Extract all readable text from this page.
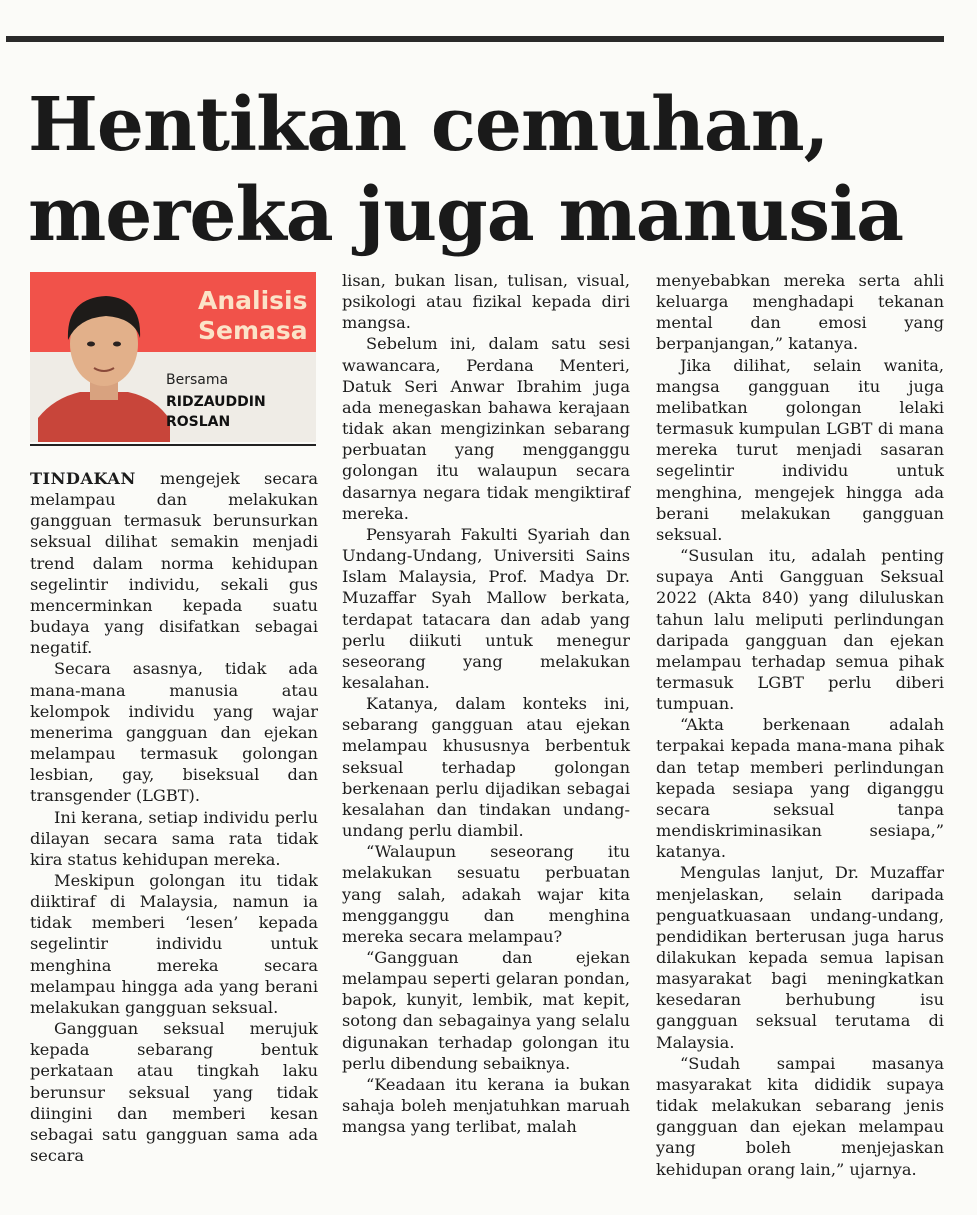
Hentikan cemuhan,
mereka juga manusia
Analisis
Semasa
Bersama
RIDZAUDDIN
ROSLAN

TINDAKAN mengejek secara melampau dan melakukan gangguan termasuk berunsurkan seksual dilihat semakin menjadi trend dalam norma kehidupan segelintir individu, sekali gus mencerminkan kepada suatu budaya yang disifatkan sebagai negatif.

Secara asasnya, tidak ada mana-mana manusia atau kelompok individu yang wajar menerima gangguan dan ejekan melampau termasuk golongan lesbian, gay, biseksual dan transgender (LGBT).

Ini kerana, setiap individu perlu dilayan secara sama rata tidak kira status kehidupan mereka.

Meskipun golongan itu tidak diiktiraf di Malaysia, namun ia tidak memberi ‘lesen’ kepada segelintir individu untuk menghina mereka secara melampau hingga ada yang berani melakukan gangguan seksual.

Gangguan seksual merujuk kepada sebarang bentuk perkataan atau tingkah laku berunsur seksual yang tidak diingini dan memberi kesan sebagai satu gangguan sama ada secara

lisan, bukan lisan, tulisan, visual, psikologi atau fizikal kepada diri mangsa.

Sebelum ini, dalam satu sesi wawancara, Perdana Menteri, Datuk Seri Anwar Ibrahim juga ada menegaskan bahawa kerajaan tidak akan mengizinkan sebarang perbuatan yang mengganggu golongan itu walaupun secara dasarnya negara tidak mengiktiraf mereka.

Pensyarah Fakulti Syariah dan Undang-Undang, Universiti Sains Islam Malaysia, Prof. Madya Dr. Muzaffar Syah Mallow berkata, terdapat tatacara dan adab yang perlu diikuti untuk menegur seseorang yang melakukan kesalahan.

Katanya, dalam konteks ini, sebarang gangguan atau ejekan melampau khususnya berbentuk seksual terhadap golongan berkenaan perlu dijadikan sebagai kesalahan dan tindakan undang-undang perlu diambil.

“Walaupun seseorang itu melakukan sesuatu perbuatan yang salah, adakah wajar kita mengganggu dan menghina mereka secara melampau?

“Gangguan dan ejekan melampau seperti gelaran pondan, bapok, kunyit, lembik, mat kepit, sotong dan sebagainya yang selalu digunakan terhadap golongan itu perlu dibendung sebaiknya.

“Keadaan itu kerana ia bukan sahaja boleh menjatuhkan maruah mangsa yang terlibat, malah

menyebabkan mereka serta ahli keluarga menghadapi tekanan mental dan emosi yang berpanjangan,” katanya.

Jika dilihat, selain wanita, mangsa gangguan itu juga melibatkan golongan lelaki termasuk kumpulan LGBT di mana mereka turut menjadi sasaran segelintir individu untuk menghina, mengejek hingga ada berani melakukan gangguan seksual.

“Susulan itu, adalah penting supaya Anti Gangguan Seksual 2022 (Akta 840) yang diluluskan tahun lalu meliputi perlindungan daripada gangguan dan ejekan melampau terhadap semua pihak termasuk LGBT perlu diberi tumpuan.

“Akta berkenaan adalah terpakai kepada mana-mana pihak dan tetap memberi perlindungan kepada sesiapa yang diganggu secara seksual tanpa mendiskriminasikan sesiapa,” katanya.

Mengulas lanjut, Dr. Muzaffar menjelaskan, selain daripada penguatkuasaan undang-undang, pendidikan berterusan juga harus dilakukan kepada semua lapisan masyarakat bagi meningkatkan kesedaran berhubung isu gangguan seksual terutama di Malaysia.

“Sudah sampai masanya masyarakat kita dididik supaya tidak melakukan sebarang jenis gangguan dan ejekan melampau yang boleh menjejaskan kehidupan orang lain,” ujarnya.
